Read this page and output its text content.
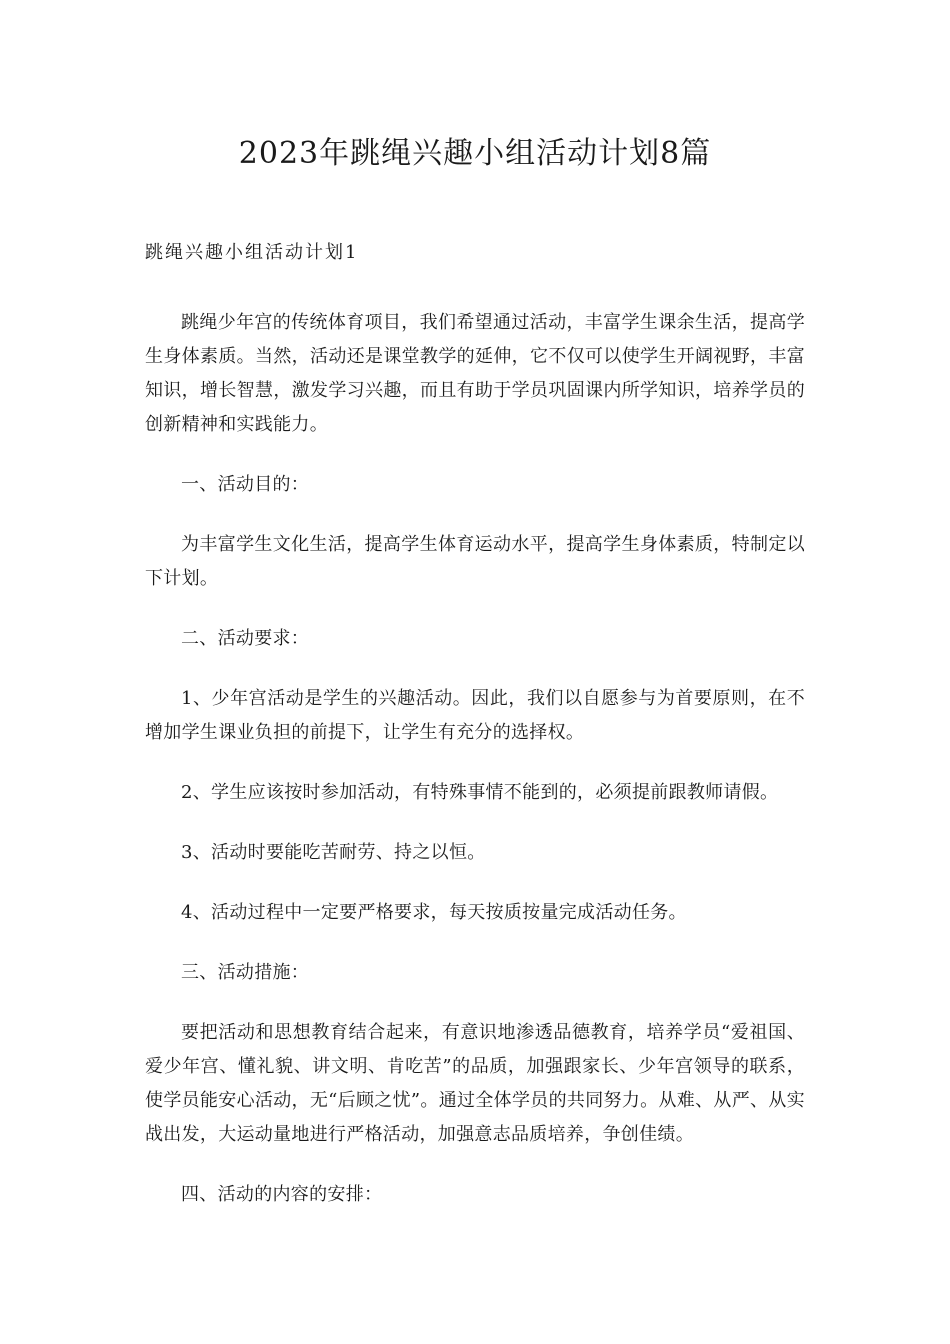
2023年跳绳兴趣小组活动计划8篇
跳绳兴趣小组活动计划1

跳绳少年宫的传统体育项目，我们希望通过活动，丰富学生课余生活，提高学生身体素质。当然，活动还是课堂教学的延伸，它不仅可以使学生开阔视野，丰富知识，增长智慧，激发学习兴趣，而且有助于学员巩固课内所学知识，培养学员的创新精神和实践能力。

一、活动目的：

为丰富学生文化生活，提高学生体育运动水平，提高学生身体素质，特制定以下计划。

二、活动要求：

1、少年宫活动是学生的兴趣活动。因此，我们以自愿参与为首要原则，在不增加学生课业负担的前提下，让学生有充分的选择权。

2、学生应该按时参加活动，有特殊事情不能到的，必须提前跟教师请假。

3、活动时要能吃苦耐劳、持之以恒。

4、活动过程中一定要严格要求，每天按质按量完成活动任务。

三、活动措施：

要把活动和思想教育结合起来，有意识地渗透品德教育，培养学员“爱祖国、爱少年宫、懂礼貌、讲文明、肯吃苦”的品质，加强跟家长、少年宫领导的联系，使学员能安心活动，无“后顾之忧”。通过全体学员的共同努力。从难、从严、从实战出发，大运动量地进行严格活动，加强意志品质培养，争创佳绩。

四、活动的内容的安排：
